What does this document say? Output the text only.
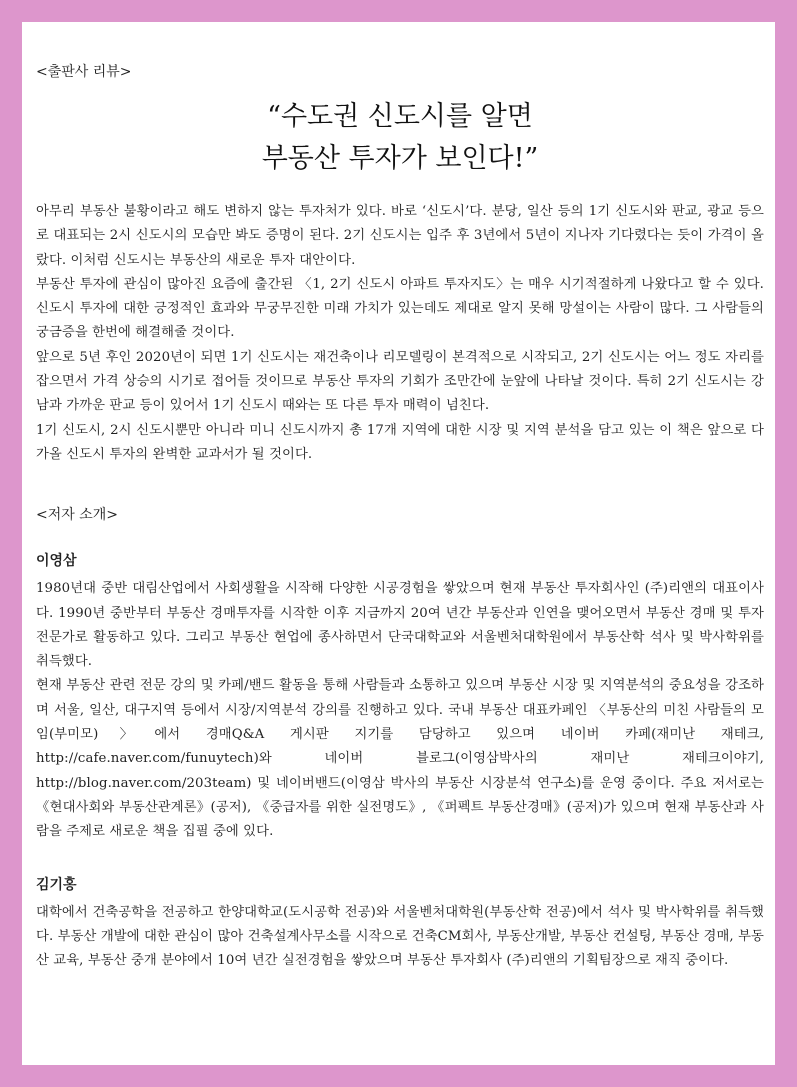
<출판사 리뷰>

“수도권 신도시를 알면
부동산 투자가 보인다!”

아무리 부동산 불황이라고 해도 변하지 않는 투자처가 있다. 바로 ‘신도시’다. 분당, 일산 등의 1기 신도시와 판교, 광교 등으로 대표되는 2시 신도시의 모습만 봐도 증명이 된다. 2기 신도시는 입주 후 3년에서 5년이 지나자 기다렸다는 듯이 가격이 올랐다. 이처럼 신도시는 부동산의 새로운 투자 대안이다.

부동산 투자에 관심이 많아진 요즘에 출간된 〈1, 2기 신도시 아파트 투자지도〉는 매우 시기적절하게 나왔다고 할 수 있다. 신도시 투자에 대한 긍정적인 효과와 무궁무진한 미래 가치가 있는데도 제대로 알지 못해 망설이는 사람이 많다. 그 사람들의 궁금증을 한번에 해결해줄 것이다.

앞으로 5년 후인 2020년이 되면 1기 신도시는 재건축이나 리모델링이 본격적으로 시작되고, 2기 신도시는 어느 정도 자리를 잡으면서 가격 상승의 시기로 접어들 것이므로 부동산 투자의 기회가 조만간에 눈앞에 나타날 것이다. 특히 2기 신도시는 강남과 가까운 판교 등이 있어서 1기 신도시 때와는 또 다른 투자 매력이 넘친다.

1기 신도시, 2시 신도시뿐만 아니라 미니 신도시까지 총 17개 지역에 대한 시장 및 지역 분석을 담고 있는 이 책은 앞으로 다가올 신도시 투자의 완벽한 교과서가 될 것이다.

<저자 소개>

이영삼

1980년대 중반 대림산업에서 사회생활을 시작해 다양한 시공경험을 쌓았으며 현재 부동산 투자회사인 (주)리앤의 대표이사다. 1990년 중반부터 부동산 경매투자를 시작한 이후 지금까지 20여 년간 부동산과 인연을 맺어오면서 부동산 경매 및 투자 전문가로 활동하고 있다. 그리고 부동산 현업에 종사하면서 단국대학교와 서울벤처대학원에서 부동산학 석사 및 박사학위를 취득했다.

현재 부동산 관련 전문 강의 및 카페/밴드 활동을 통해 사람들과 소통하고 있으며 부동산 시장 및 지역분석의 중요성을 강조하며 서울, 일산, 대구지역 등에서 시장/지역분석 강의를 진행하고 있다. 국내 부동산 대표카페인 〈부동산의 미친 사람들의 모임(부미모)〉에서 경매Q&A 게시판 지기를 담당하고 있으며 네이버 카페(재미난 재테크, http://cafe.naver.com/funuytech)와 네이버 블로그(이영삼박사의 재미난 재테크이야기, http://blog.naver.com/203team) 및 네이버밴드(이영삼 박사의 부동산 시장분석 연구소)를 운영 중이다. 주요 저서로는 《현대사회와 부동산관계론》(공저), 《중급자를 위한 실전명도》, 《퍼펙트 부동산경매》(공저)가 있으며 현재 부동산과 사람을 주제로 새로운 책을 집필 중에 있다.

김기홍

대학에서 건축공학을 전공하고 한양대학교(도시공학 전공)와 서울벤처대학원(부동산학 전공)에서 석사 및 박사학위를 취득했다. 부동산 개발에 대한 관심이 많아 건축설계사무소를 시작으로 건축CM회사, 부동산개발, 부동산 컨설팅, 부동산 경매, 부동산 교육, 부동산 중개 분야에서 10여 년간 실전경험을 쌓았으며 부동산 투자회사 (주)리앤의 기획팀장으로 재직 중이다.
